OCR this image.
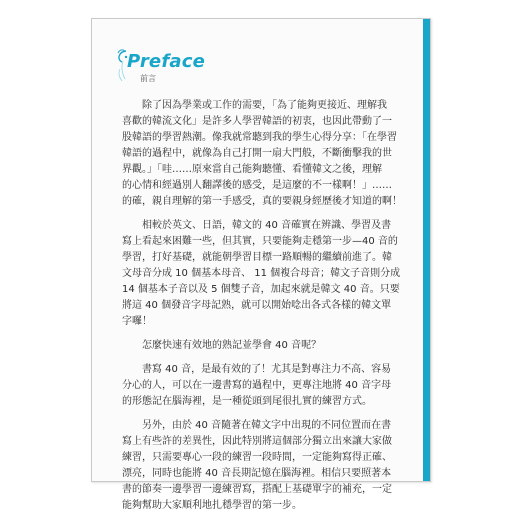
Preface
前言

除了因為學業或工作的需要，「為了能夠更接近、理解我
喜歡的韓流文化」是許多人學習韓語的初衷，也因此帶動了一
股韓語的學習熱潮。像我就常聽到我的學生心得分享：「在學習
韓語的過程中，就像為自己打開一扇大門般，不斷衝擊我的世
界觀。」「哇……原來當自己能夠聽懂、看懂韓文之後，理解
的心情和經過別人翻譯後的感受，是這麼的不一樣啊！」……
的確，親自理解的第一手感受，真的要親身經歷後才知道的啊！

相較於英文、日語，韓文的 40 音確實在辨識、學習及書
寫上看起來困難一些，但其實，只要能夠走穩第一步—40 音的
學習，打好基礎，就能朝學習目標一路順暢的繼續前進了。韓
文母音分成 10 個基本母音、 11 個複合母音；韓文子音則分成
14 個基本子音以及 5 個雙子音，加起來就是韓文 40 音。只要
將這 40 個發音字母記熟，就可以開始唸出各式各樣的韓文單
字囉！

怎麼快速有效地的熟記並學會 40 音呢？

書寫 40 音，是最有效的了！尤其是對專注力不高、容易
分心的人，可以在一邊書寫的過程中，更專注地將 40 音字母
的形態記在腦海裡，是一種從頭到尾很扎實的練習方式。

另外，由於 40 音隨著在韓文字中出現的不同位置而在書
寫上有些許的差異性，因此特別將這個部分獨立出來讓大家做
練習，只需要專心一段的練習一段時間，一定能夠寫得正確、
漂亮，同時也能將 40 音長期記憶在腦海裡。相信只要照著本
書的節奏一邊學習一邊練習寫，搭配上基礎單字的補充，一定
能夠幫助大家順利地扎穩學習的第一步。
